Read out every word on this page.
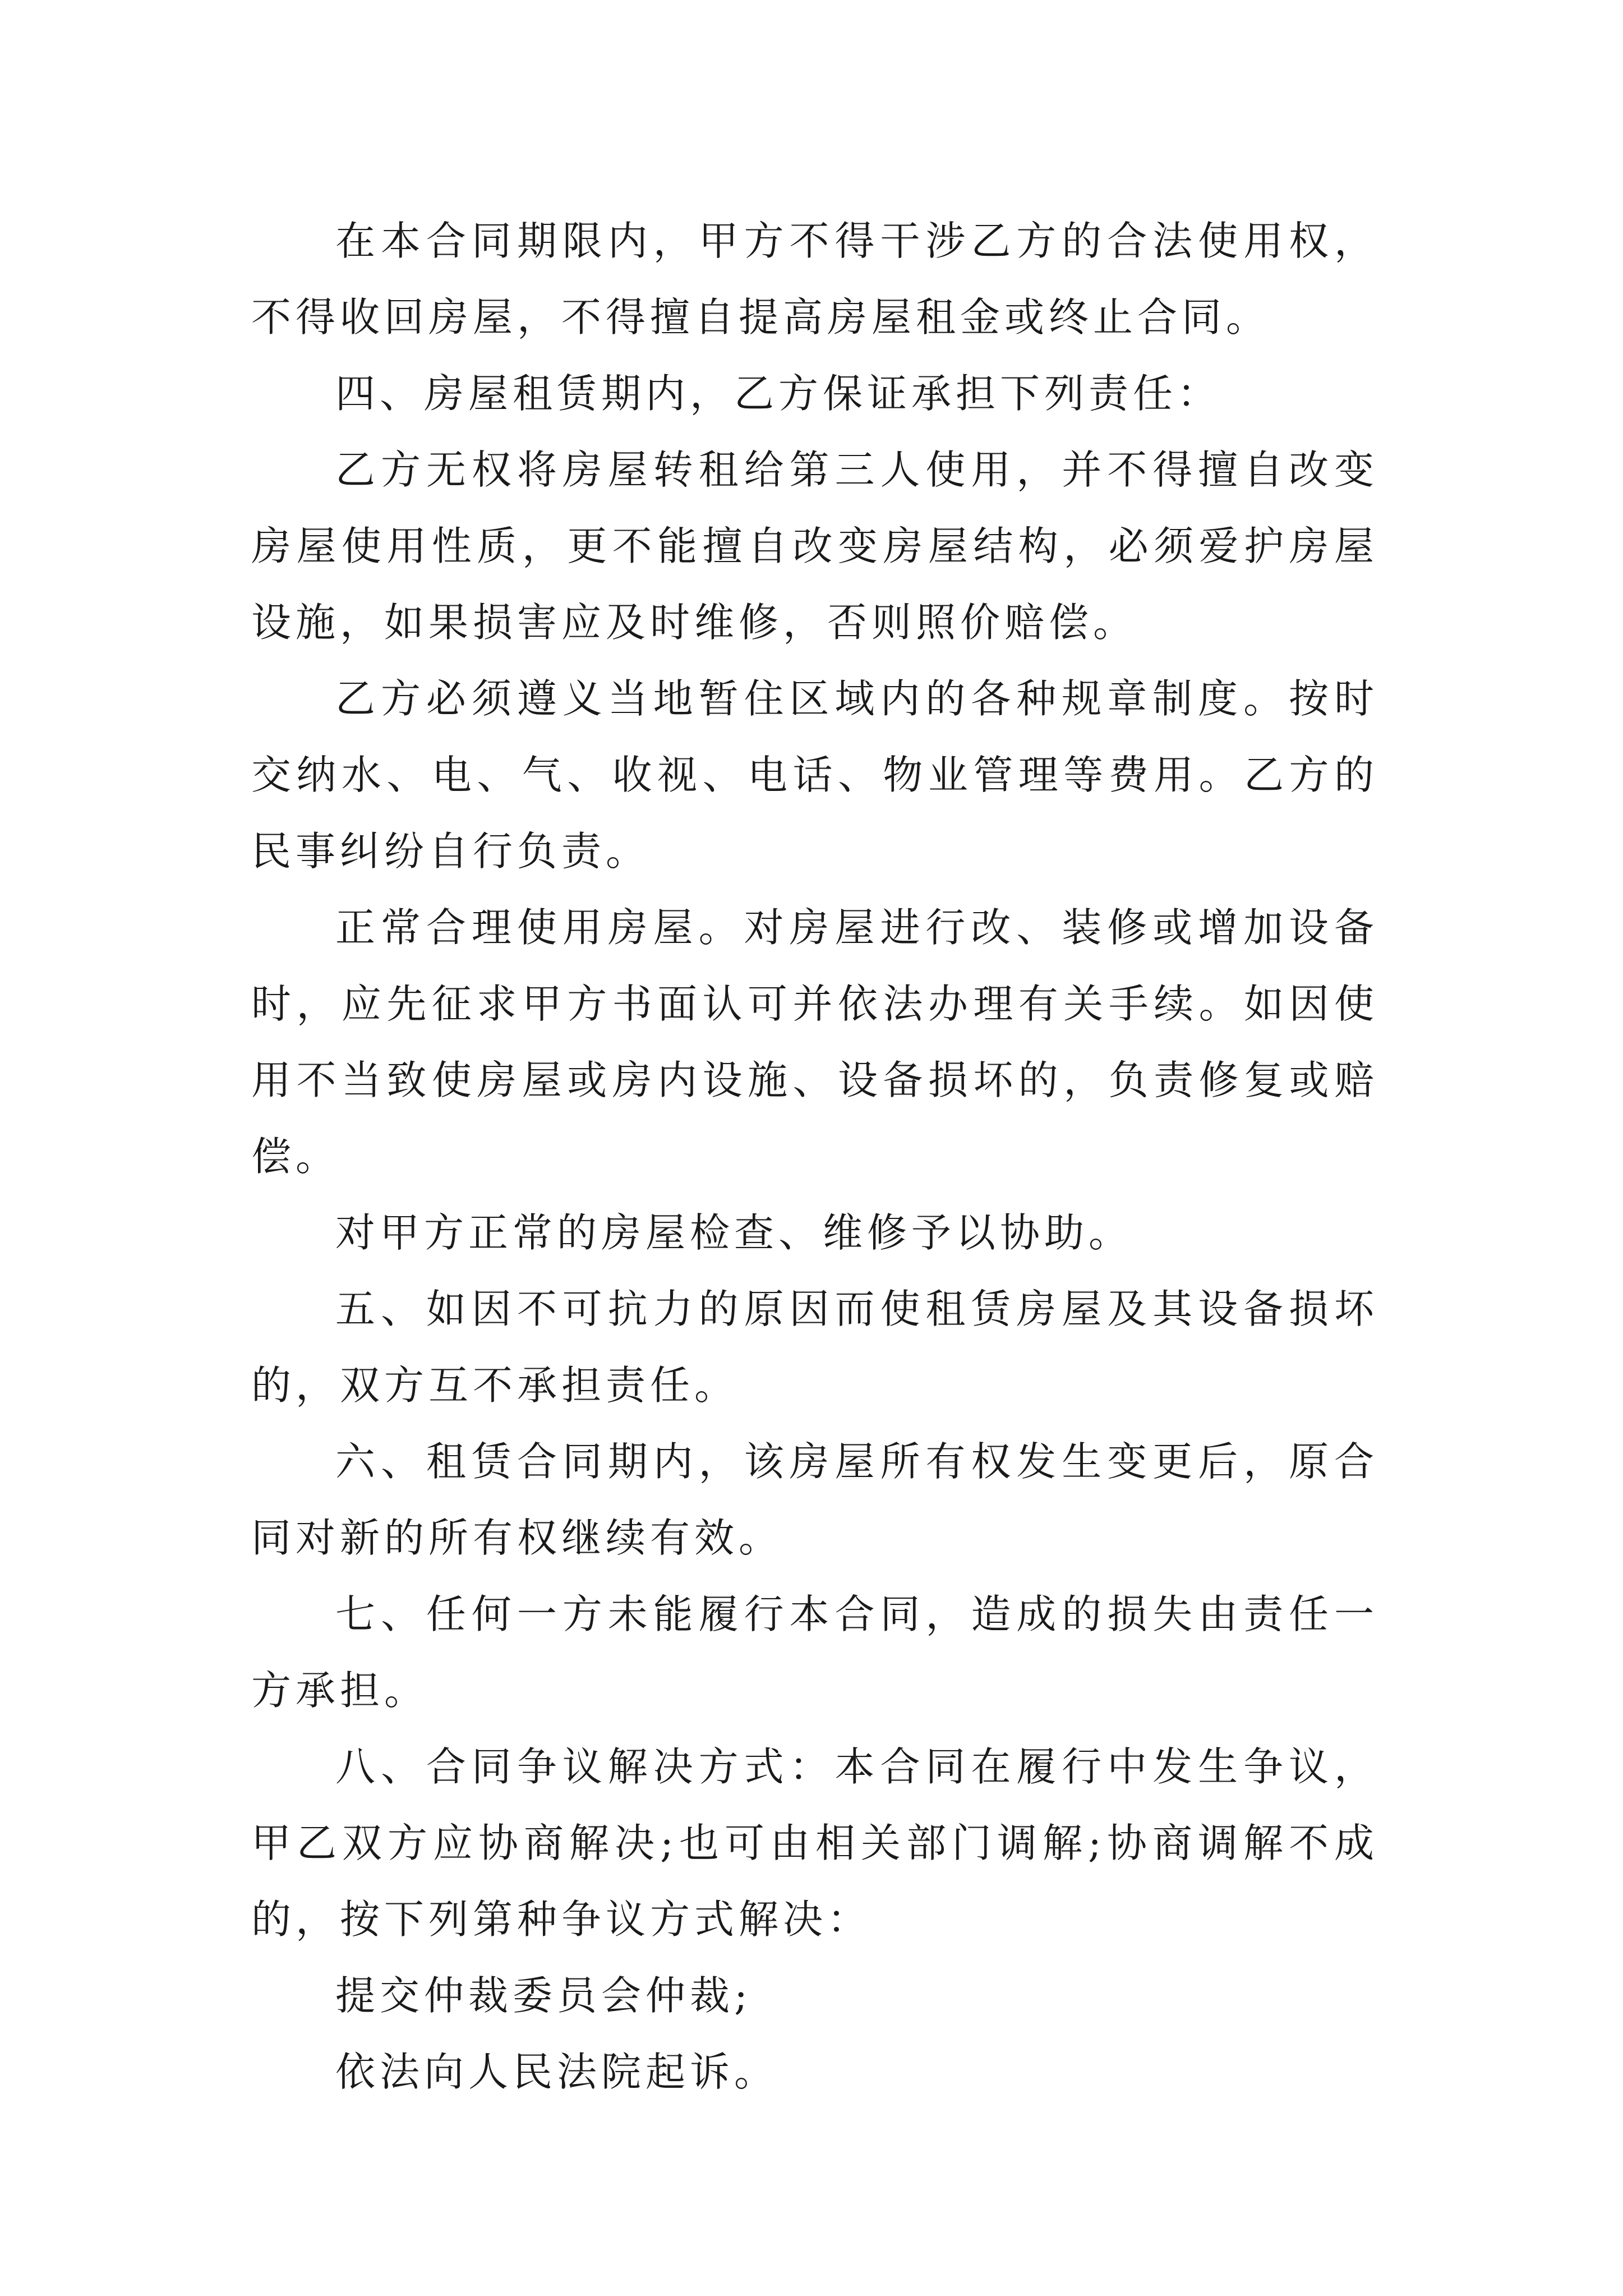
在本合同期限内，甲方不得干涉乙方的合法使用权，不得收回房屋，不得擅自提高房屋租金或终止合同。

四、房屋租赁期内，乙方保证承担下列责任：

乙方无权将房屋转租给第三人使用，并不得擅自改变房屋使用性质，更不能擅自改变房屋结构，必须爱护房屋设施，如果损害应及时维修，否则照价赔偿。

乙方必须遵义当地暂住区域内的各种规章制度。按时交纳水、电、气、收视、电话、物业管理等费用。乙方的民事纠纷自行负责。

正常合理使用房屋。对房屋进行改、装修或增加设备时，应先征求甲方书面认可并依法办理有关手续。如因使用不当致使房屋或房内设施、设备损坏的，负责修复或赔偿。

对甲方正常的房屋检查、维修予以协助。

五、如因不可抗力的原因而使租赁房屋及其设备损坏的，双方互不承担责任。

六、租赁合同期内，该房屋所有权发生变更后，原合同对新的所有权继续有效。

七、任何一方未能履行本合同，造成的损失由责任一方承担。

八、合同争议解决方式：本合同在履行中发生争议，甲乙双方应协商解决;也可由相关部门调解;协商调解不成的，按下列第种争议方式解决：

提交仲裁委员会仲裁;

依法向人民法院起诉。
